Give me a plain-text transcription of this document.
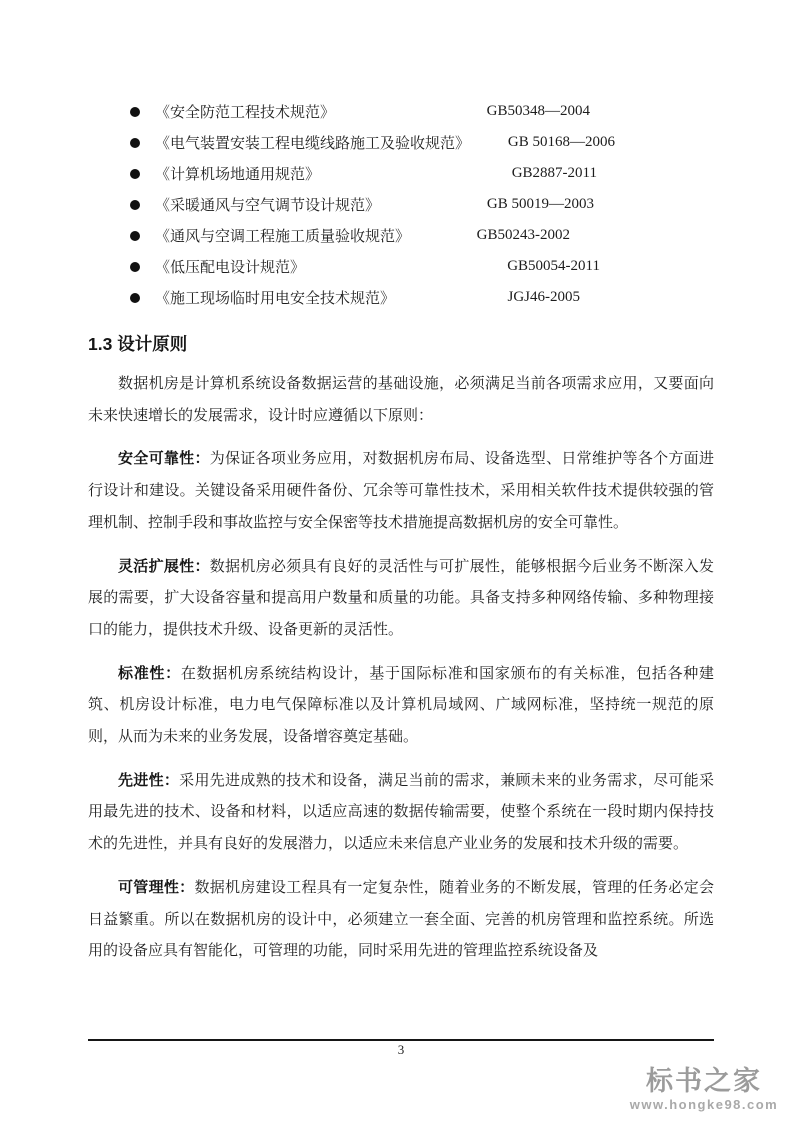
《安全防范工程技术规范》	GB50348—2004
《电气装置安装工程电缆线路施工及验收规范》	GB 50168—2006
《计算机场地通用规范》	GB2887-2011
《采暖通风与空气调节设计规范》	GB 50019—2003
《通风与空调工程施工质量验收规范》	GB50243-2002
《低压配电设计规范》	GB50054-2011
《施工现场临时用电安全技术规范》	JGJ46-2005
1.3 设计原则

数据机房是计算机系统设备数据运营的基础设施，必须满足当前各项需求应用，又要面向未来快速增长的发展需求，设计时应遵循以下原则：

安全可靠性：为保证各项业务应用，对数据机房布局、设备选型、日常维护等各个方面进行设计和建设。关键设备采用硬件备份、冗余等可靠性技术，采用相关软件技术提供较强的管理机制、控制手段和事故监控与安全保密等技术措施提高数据机房的安全可靠性。

灵活扩展性：数据机房必须具有良好的灵活性与可扩展性，能够根据今后业务不断深入发展的需要，扩大设备容量和提高用户数量和质量的功能。具备支持多种网络传输、多种物理接口的能力，提供技术升级、设备更新的灵活性。

标准性：在数据机房系统结构设计，基于国际标准和国家颁布的有关标准，包括各种建筑、机房设计标准，电力电气保障标准以及计算机局域网、广域网标准，坚持统一规范的原则，从而为未来的业务发展，设备增容奠定基础。

先进性：采用先进成熟的技术和设备，满足当前的需求，兼顾未来的业务需求，尽可能采用最先进的技术、设备和材料，以适应高速的数据传输需要，使整个系统在一段时期内保持技术的先进性，并具有良好的发展潜力，以适应未来信息产业业务的发展和技术升级的需要。

可管理性：数据机房建设工程具有一定复杂性，随着业务的不断发展，管理的任务必定会日益繁重。所以在数据机房的设计中，必须建立一套全面、完善的机房管理和监控系统。所选用的设备应具有智能化，可管理的功能，同时采用先进的管理监控系统设备及

3
标书之家
www.hongke98.com
